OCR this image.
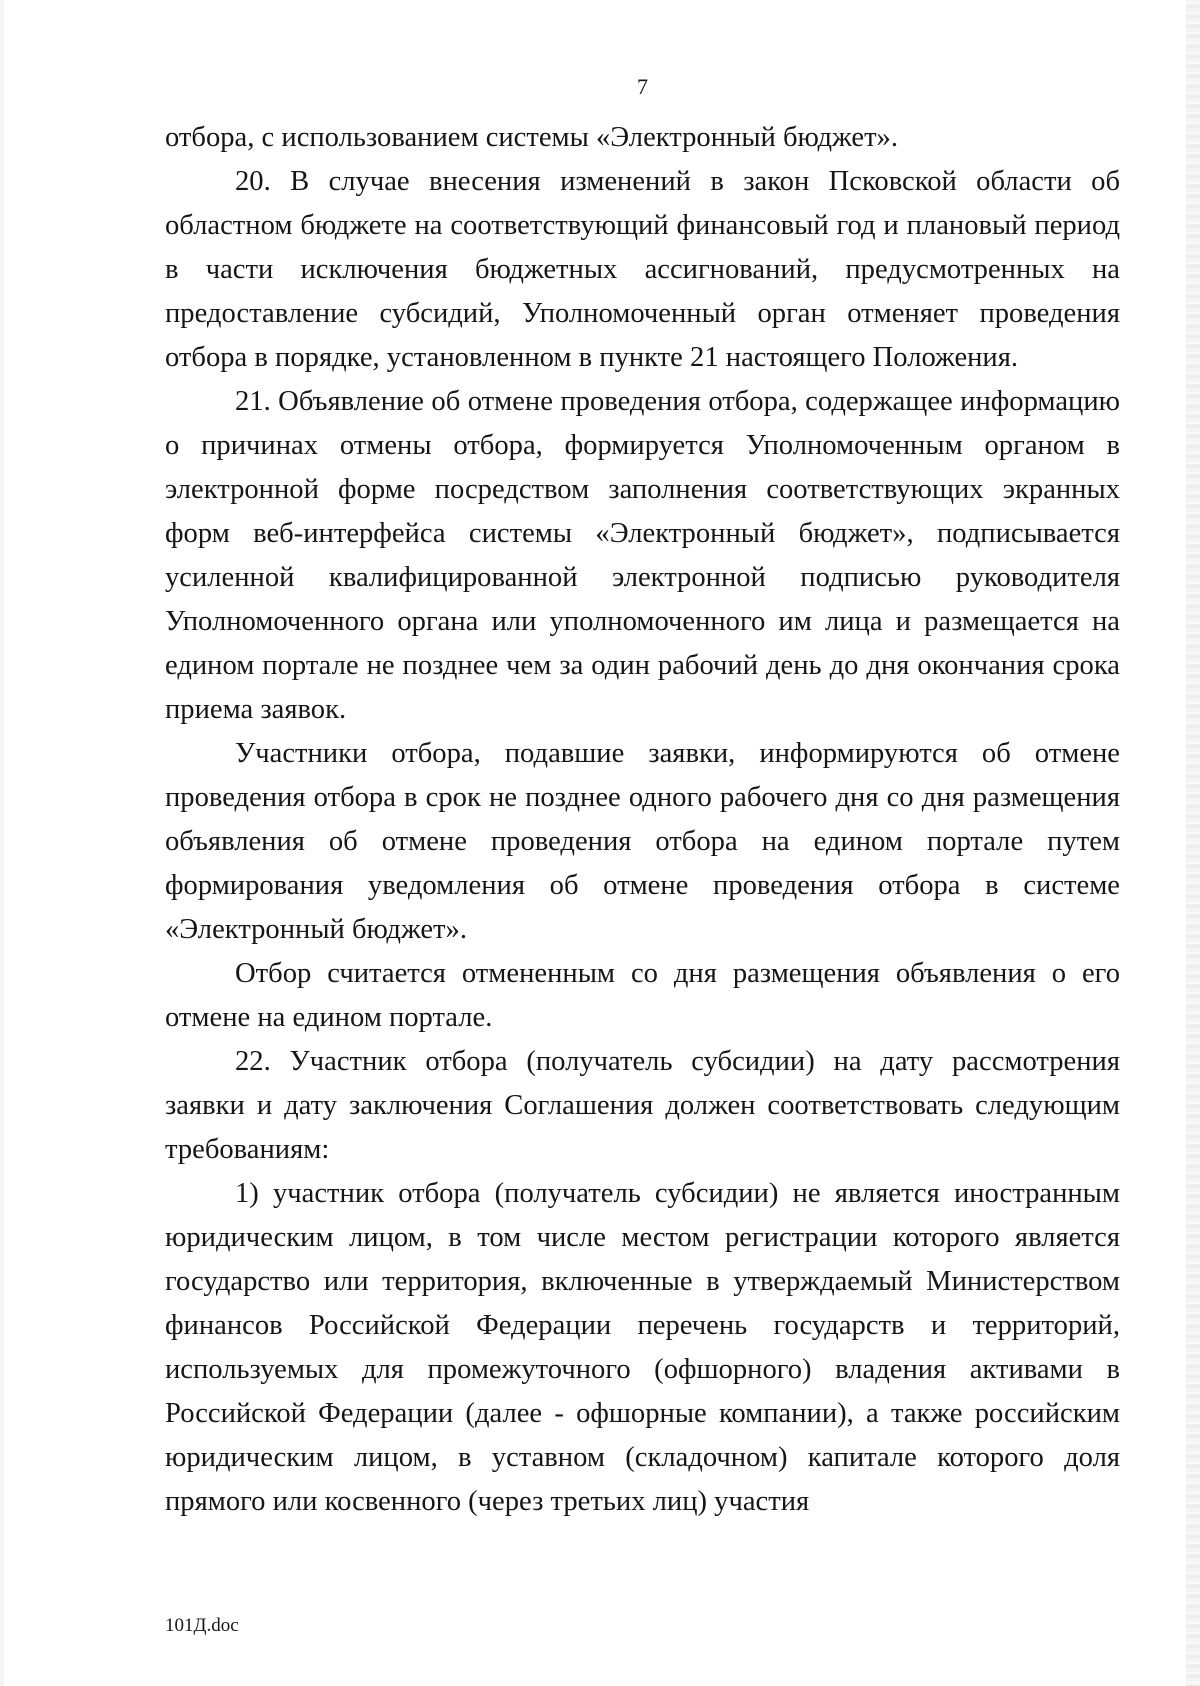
7

отбора, с использованием системы «Электронный бюджет».

20. В случае внесения изменений в закон Псковской области об областном бюджете на соответствующий финансовый год и плановый период в части исключения бюджетных ассигнований, предусмотренных на предоставление субсидий, Уполномоченный орган отменяет проведения отбора в порядке, установленном в пункте 21 настоящего Положения.

21. Объявление об отмене проведения отбора, содержащее информацию о причинах отмены отбора, формируется Уполномоченным органом в электронной форме посредством заполнения соответствующих экранных форм веб-интерфейса системы «Электронный бюджет», подписывается усиленной квалифицированной электронной подписью руководителя Уполномоченного органа или уполномоченного им лица и размещается на едином портале не позднее чем за один рабочий день до дня окончания срока приема заявок.

Участники отбора, подавшие заявки, информируются об отмене проведения отбора в срок не позднее одного рабочего дня со дня размещения объявления об отмене проведения отбора на едином портале путем формирования уведомления об отмене проведения отбора в системе «Электронный бюджет».

Отбор считается отмененным со дня размещения объявления о его отмене на едином портале.

22. Участник отбора (получатель субсидии) на дату рассмотрения заявки и дату заключения Соглашения должен соответствовать следующим требованиям:

1) участник отбора (получатель субсидии) не является иностранным юридическим лицом, в том числе местом регистрации которого является государство или территория, включенные в утверждаемый Министерством финансов Российской Федерации перечень государств и территорий, используемых для промежуточного (офшорного) владения активами в Российской Федерации (далее - офшорные компании), а также российским юридическим лицом, в уставном (складочном) капитале которого доля прямого или косвенного (через третьих лиц) участия

101Д.doc
